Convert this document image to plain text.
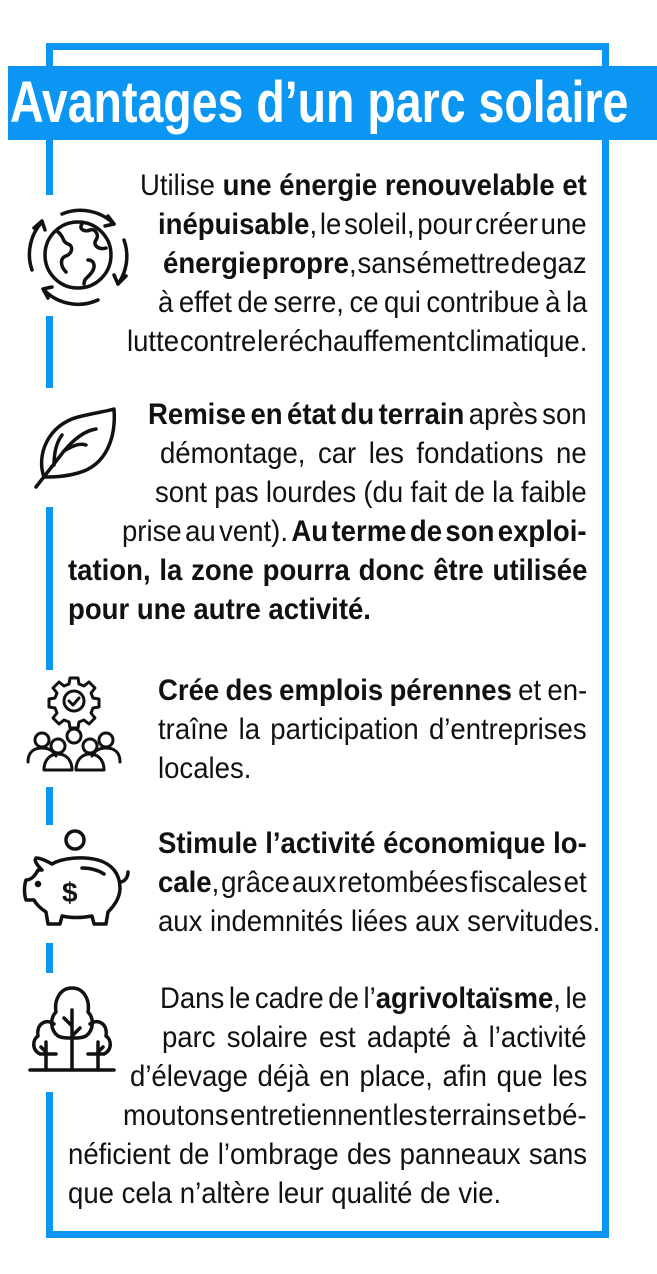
Avantages d’un parc solaire
$
Utilise une énergie renouvelable et
inépuisable, le soleil, pour créer une
énergie propre, sans émettre de gaz
à effet de serre, ce qui contribue à la
lutte contre le réchauffement climatique.
Remise en état du terrain après son
démontage, car les fondations ne
sont pas lourdes (du fait de la faible
prise au vent). Au terme de son exploi-
tation, la zone pourra donc être utilisée
pour une autre activité.
Crée des emplois pérennes et en-
traîne la participation d’entreprises
locales.
Stimule l’activité économique lo-
cale, grâce aux retombées fiscales et
aux indemnités liées aux servitudes.
Dans le cadre de l’agrivoltaïsme, le
parc solaire est adapté à l’activité
d’élevage déjà en place, afin que les
moutons entretiennent les terrains et bé-
néficient de l’ombrage des panneaux sans
que cela n’altère leur qualité de vie.
